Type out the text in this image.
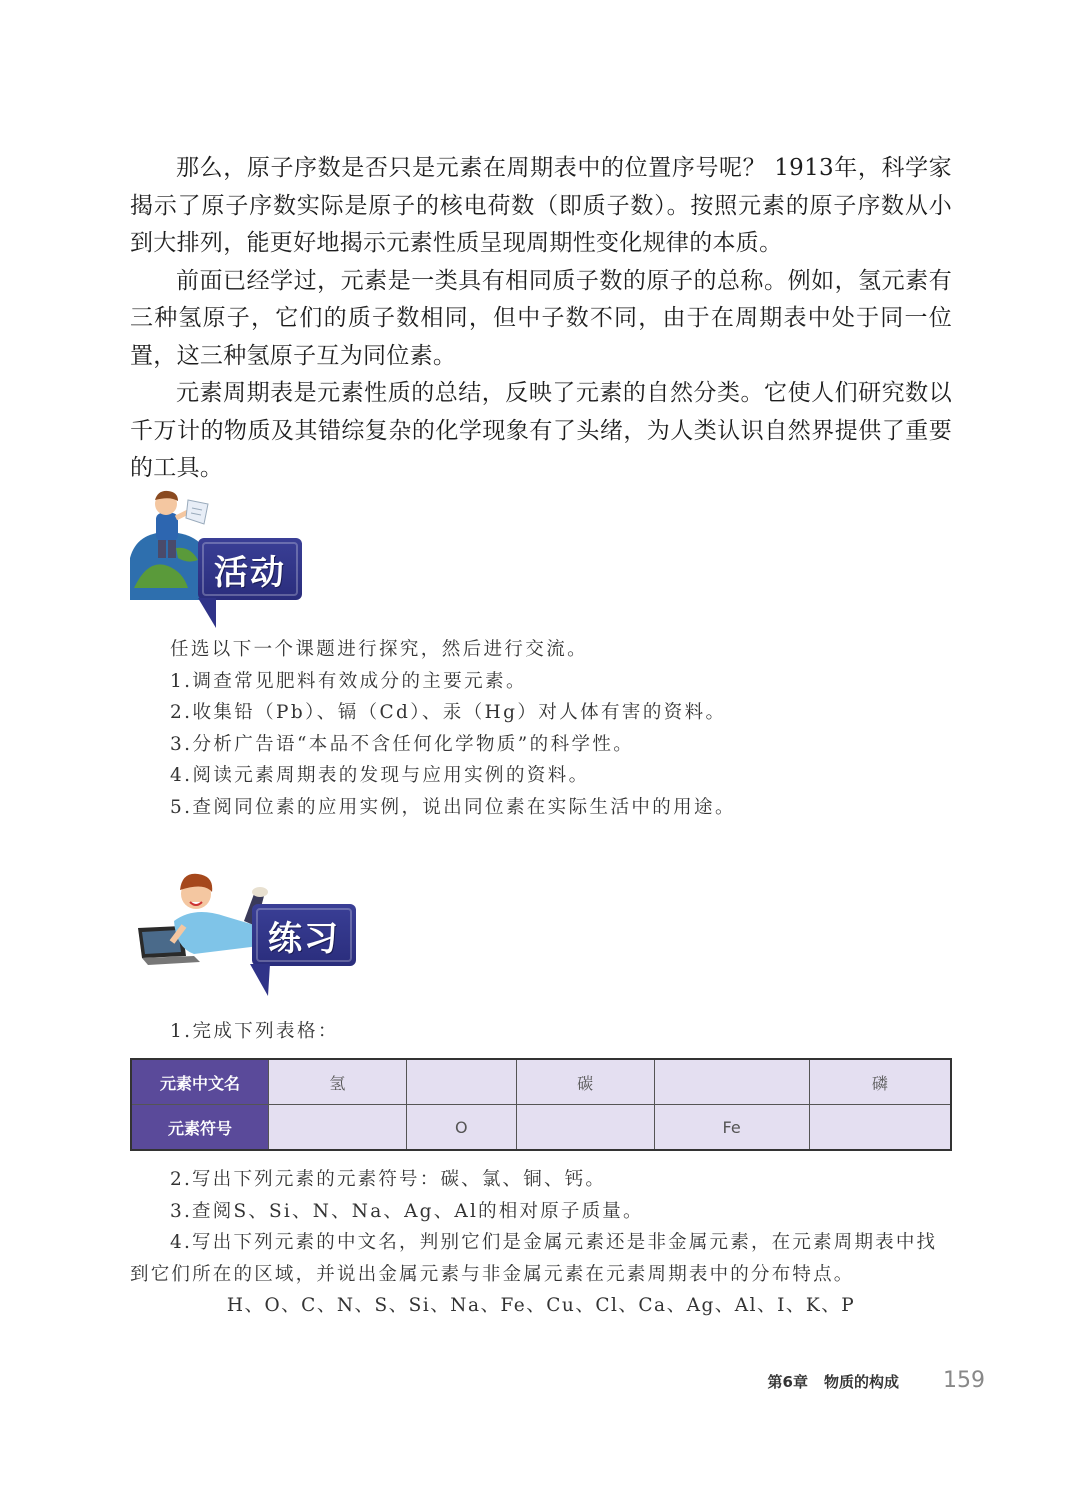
那么，原子序数是否只是元素在周期表中的位置序号呢？ 1913年，科学家揭示了原子序数实际是原子的核电荷数（即质子数）。按照元素的原子序数从小到大排列，能更好地揭示元素性质呈现周期性变化规律的本质。

前面已经学过，元素是一类具有相同质子数的原子的总称。例如，氢元素有三种氢原子，它们的质子数相同，但中子数不同，由于在周期表中处于同一位置，这三种氢原子互为同位素。

元素周期表是元素性质的总结，反映了元素的自然分类。它使人们研究数以千万计的物质及其错综复杂的化学现象有了头绪，为人类认识自然界提供了重要的工具。

活动

任选以下一个课题进行探究，然后进行交流。

1.调查常见肥料有效成分的主要元素。

2.收集铅（Pb）、镉（Cd）、汞（Hg）对人体有害的资料。

3.分析广告语“本品不含任何化学物质”的科学性。

4.阅读元素周期表的发现与应用实例的资料。

5.查阅同位素的应用实例，说出同位素在实际生活中的用途。

练习

1.完成下列表格：

元素中文名	氢		碳		磷
元素符号		O		Fe	

2.写出下列元素的元素符号：碳、氯、铜、钙。

3.查阅S、Si、N、Na、Ag、Al的相对原子质量。

4.写出下列元素的中文名，判别它们是金属元素还是非金属元素，在元素周期表中找到它们所在的区域，并说出金属元素与非金属元素在元素周期表中的分布特点。

H、O、C、N、S、Si、Na、Fe、Cu、Cl、Ca、Ag、Al、I、K、P

第6章 物质的构成 159
